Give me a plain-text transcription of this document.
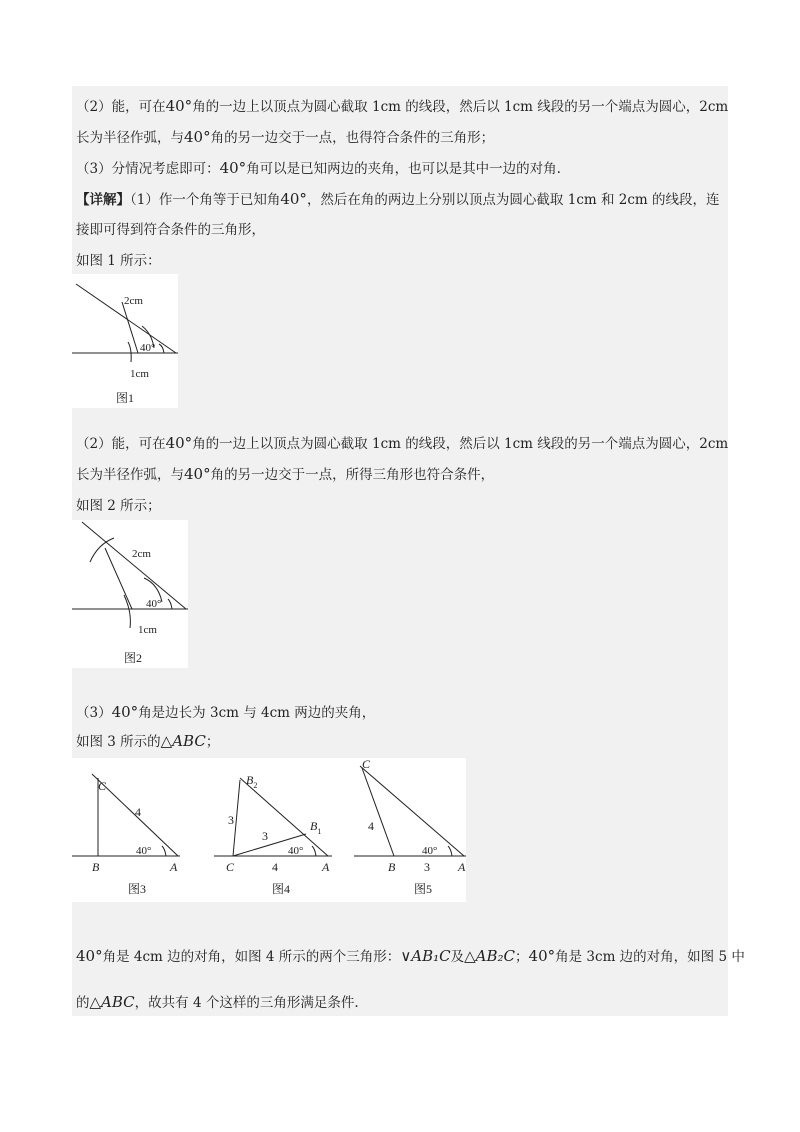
（2）能，可在40°角的一边上以顶点为圆心截取 1cm 的线段，然后以 1cm 线段的另一个端点为圆心，2cm
长为半径作弧，与40°角的另一边交于一点，也得符合条件的三角形；
（3）分情况考虑即可：40°角可以是已知两边的夹角，也可以是其中一边的对角.
【详解】（1）作一个角等于已知角40°，然后在角的两边上分别以顶点为圆心截取 1cm 和 2cm 的线段，连
接即可得到符合条件的三角形，
如图 1 所示：
2cm
40°
1cm
图1
（2）能，可在40°角的一边上以顶点为圆心截取 1cm 的线段，然后以 1cm 线段的另一个端点为圆心，2cm
长为半径作弧，与40°角的另一边交于一点，所得三角形也符合条件，
如图 2 所示；
2cm
40°
1cm
图2
（3）40°角是边长为 3cm 与 4cm 两边的夹角，
如图 3 所示的△ABC；
C
4
40°
B	A
图3
$B_2$
$B_1$
3
3
4
40°
C	A
图4
C
4
40°
B 3 A
图5
40°角是 4cm 边的对角，如图 4 所示的两个三角形：∨AB₁C及△AB₂C；40°角是 3cm 边的对角，如图 5 中
的△ABC，故共有 4 个这样的三角形满足条件.
